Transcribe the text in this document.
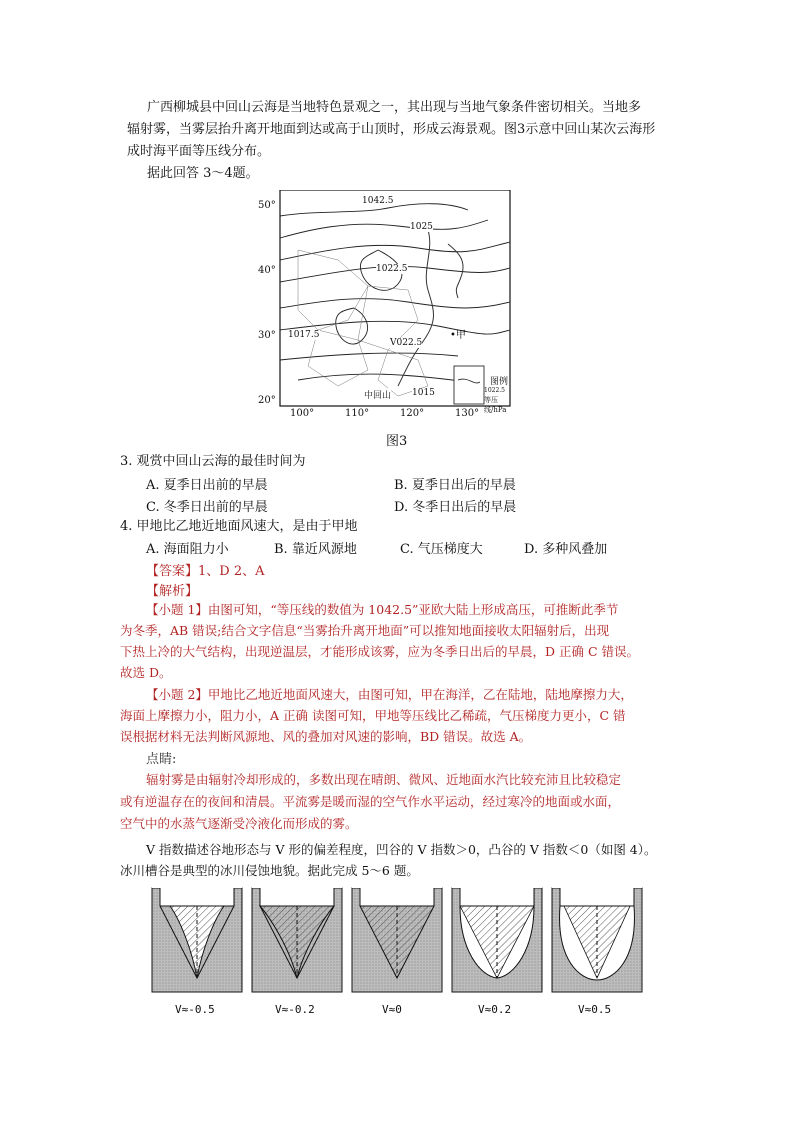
广西柳城县中回山云海是当地特色景观之一，其出现与当地气象条件密切相关。当地多
辐射雾，当雾层抬升离开地面到达或高于山顶时，形成云海景观。图3示意中回山某次云海形
成时海平面等压线分布。
据此回答 3～4题。
50°
40°
30°
20°
100°	110°	120°	130°
1042.5
1025
1022.5
1017.5
V022.5
1015
•甲
中回山
图例
1022.5
等压线/hPa
图3
3. 观赏中回山云海的最佳时间为
A. 夏季日出前的早晨	B. 夏季日出后的早晨
C. 冬季日出前的早晨	D. 冬季日出后的早晨
4. 甲地比乙地近地面风速大，是由于甲地
A. 海面阻力小	B. 靠近风源地	C. 气压梯度大	D. 多种风叠加
【答案】1、D 2、A
【解析】
【小题 1】由图可知，“等压线的数值为 1042.5”亚欧大陆上形成高压，可推断此季节
为冬季，AB 错误;结合文字信息“当雾抬升离开地面”可以推知地面接收太阳辐射后，出现
下热上冷的大气结构，出现逆温层，才能形成该雾，应为冬季日出后的早晨，D 正确 C 错误。
故选 D。
【小题 2】甲地比乙地近地面风速大，由图可知，甲在海洋，乙在陆地，陆地摩擦力大，
海面上摩擦力小，阻力小，A 正确 读图可知，甲地等压线比乙稀疏，气压梯度力更小，C 错
误根据材料无法判断风源地、风的叠加对风速的影响，BD 错误。故选 A。
点睛:
辐射雾是由辐射冷却形成的，多数出现在晴朗、微风、近地面水汽比较充沛且比较稳定
或有逆温存在的夜间和清晨。平流雾是暖而湿的空气作水平运动，经过寒冷的地面或水面，
空气中的水蒸气逐渐受冷液化而形成的雾。
V 指数描述谷地形态与 V 形的偏差程度，凹谷的 V 指数＞0，凸谷的 V 指数＜0（如图 4）。
冰川槽谷是典型的冰川侵蚀地貌。据此完成 5～6 题。
V≈-0.5	V≈-0.2	V≈0	V≈0.2	V≈0.5
